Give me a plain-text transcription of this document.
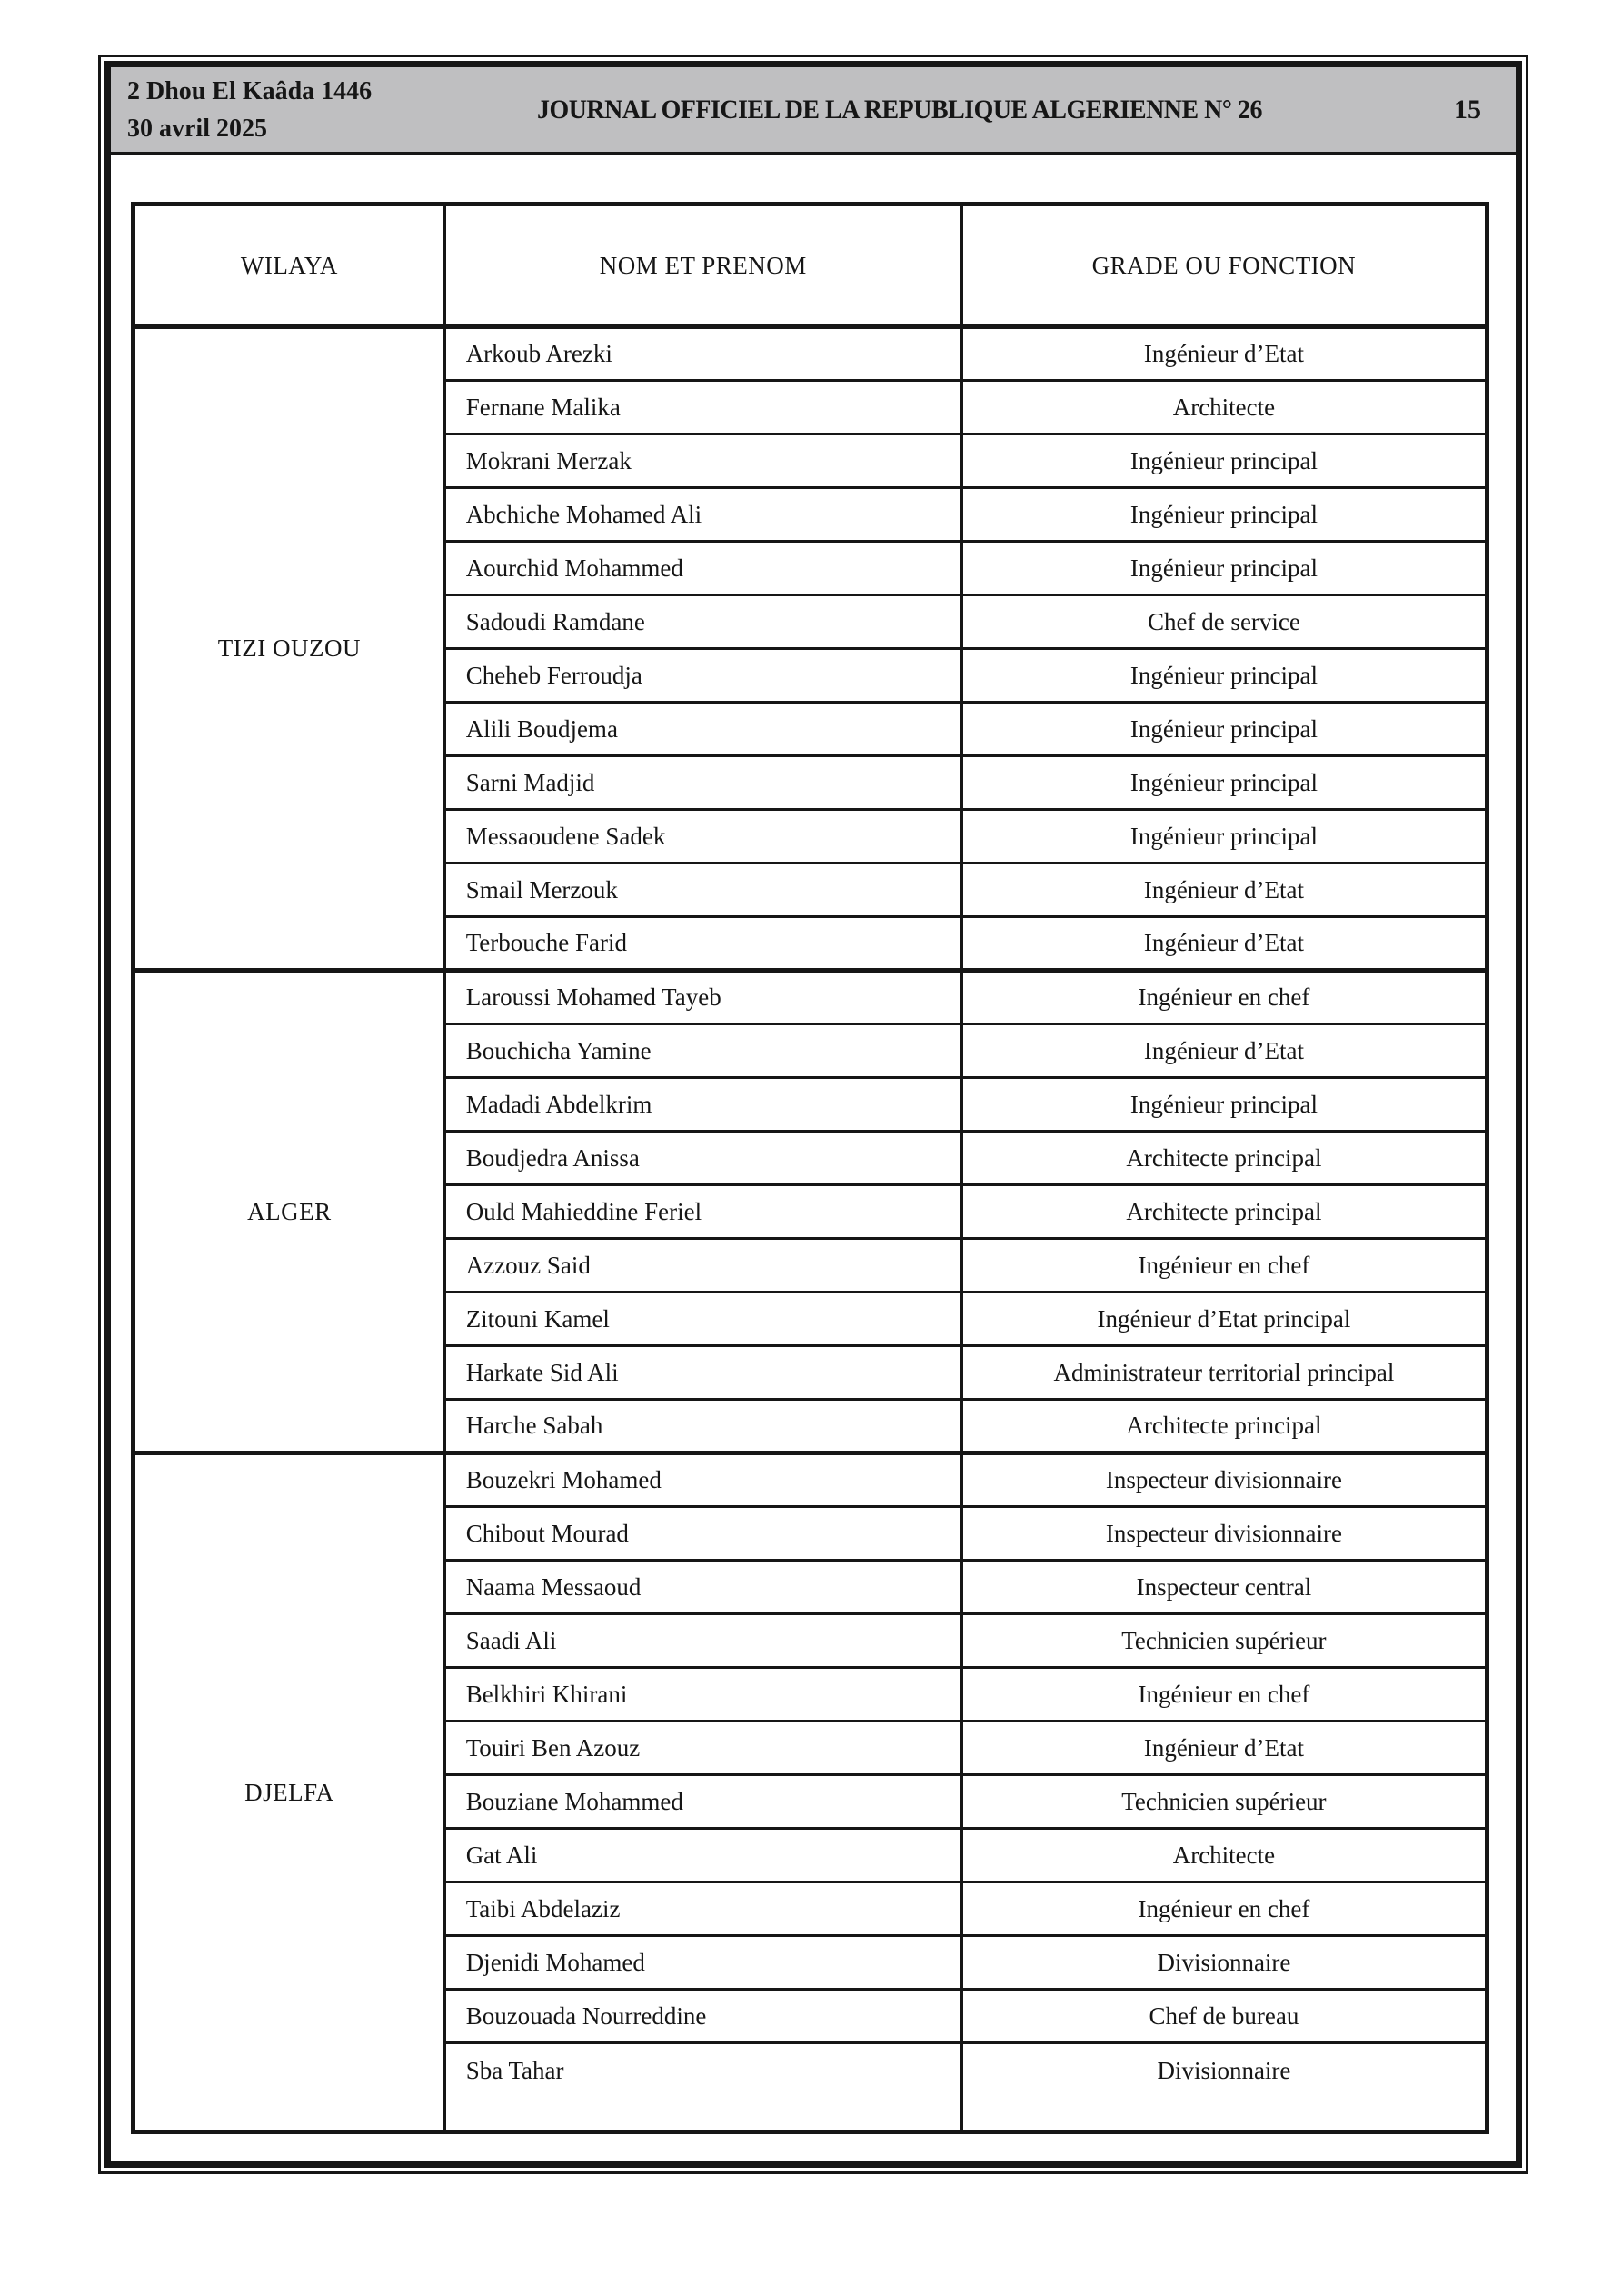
2 Dhou El Kaâda 1446
30 avril 2025
JOURNAL OFFICIEL DE LA REPUBLIQUE ALGERIENNE N° 26	15
WILAYA	NOM ET PRENOM	GRADE OU FONCTION
TIZI OUZOU	Arkoub Arezki	Ingénieur d’Etat
	Fernane Malika	Architecte
	Mokrani Merzak	Ingénieur principal
	Abchiche Mohamed Ali	Ingénieur principal
	Aourchid Mohammed	Ingénieur principal
	Sadoudi Ramdane	Chef de service
	Cheheb Ferroudja	Ingénieur principal
	Alili Boudjema	Ingénieur principal
	Sarni Madjid	Ingénieur principal
	Messaoudene Sadek	Ingénieur principal
	Smail Merzouk	Ingénieur d’Etat
	Terbouche Farid	Ingénieur d’Etat
ALGER	Laroussi Mohamed Tayeb	Ingénieur en chef
	Bouchicha Yamine	Ingénieur d’Etat
	Madadi Abdelkrim	Ingénieur principal
	Boudjedra Anissa	Architecte principal
	Ould Mahieddine Feriel	Architecte principal
	Azzouz Said	Ingénieur en chef
	Zitouni Kamel	Ingénieur d’Etat principal
	Harkate Sid Ali	Administrateur territorial principal
	Harche Sabah	Architecte principal
DJELFA	Bouzekri Mohamed	Inspecteur divisionnaire
	Chibout Mourad	Inspecteur divisionnaire
	Naama Messaoud	Inspecteur central
	Saadi Ali	Technicien supérieur
	Belkhiri Khirani	Ingénieur en chef
	Touiri Ben Azouz	Ingénieur d’Etat
	Bouziane Mohammed	Technicien supérieur
	Gat Ali	Architecte
	Taibi Abdelaziz	Ingénieur en chef
	Djenidi Mohamed	Divisionnaire
	Bouzouada Nourreddine	Chef de bureau
	Sba Tahar	Divisionnaire
